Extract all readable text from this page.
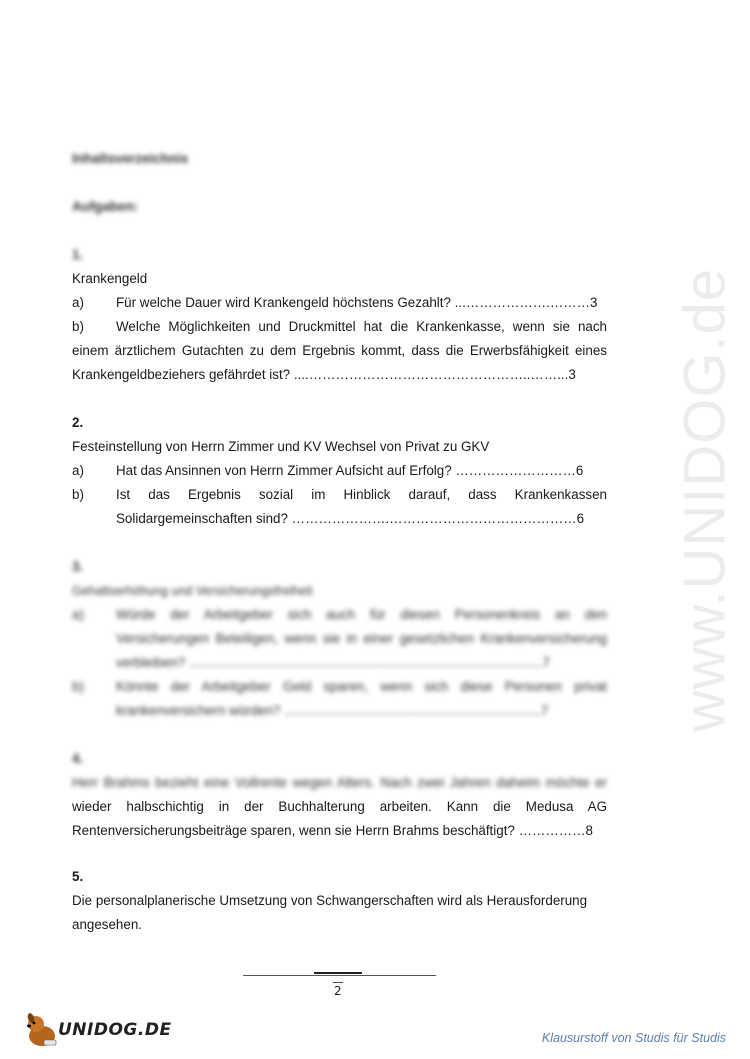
www.UNIDOG.de
Inhaltsverzeichnis
Aufgaben:
1.
Krankengeld
a) Für welche Dauer wird Krankengeld höchstens Gezahlt? ...……………….………3
b) Welche Möglichkeiten und Druckmittel hat die Krankenkasse, wenn sie nach
einem ärztlichem Gutachten zu dem Ergebnis kommt, dass die Erwerbsfähigkeit eines
Krankengeldbeziehers gefährdet ist? ....…………………………………………..……...3
2.
Festeinstellung von Herrn Zimmer und KV Wechsel von Privat zu GKV
a) Hat das Ansinnen von Herrn Zimmer Aufsicht auf Erfolg? ………………………6
b) Ist das Ergebnis sozial im Hinblick darauf, dass Krankenkassen
Solidargemeinschaften sind? ………………….……………………………………6
3.
Gehaltserhöhung und Versicherungsfreiheit
a) Würde der Arbeitgeber sich auch für diesen Personenkreis an den
Versicherungen Beteiligen, wenn sie in einer gesetzlichen Krankenversicherung
verbleiben? ...............................................................................................7
b) Könnte der Arbeitgeber Geld sparen, wenn sich diese Personen privat
krankenversichern würden? .....................................................................7
4.
Herr Brahms bezieht eine Vollrente wegen Alters. Nach zwei Jahren daheim möchte er
wieder halbschichtig in der Buchhalterung arbeiten. Kann die Medusa AG
Rentenversicherungsbeiträge sparen, wenn sie Herrn Brahms beschäftigt? ……………8
5.
Die personalplanerische Umsetzung von Schwangerschaften wird als Herausforderung
angesehen.
2
UNIDOG.DE	Klausurstoff von Studis für Studis
